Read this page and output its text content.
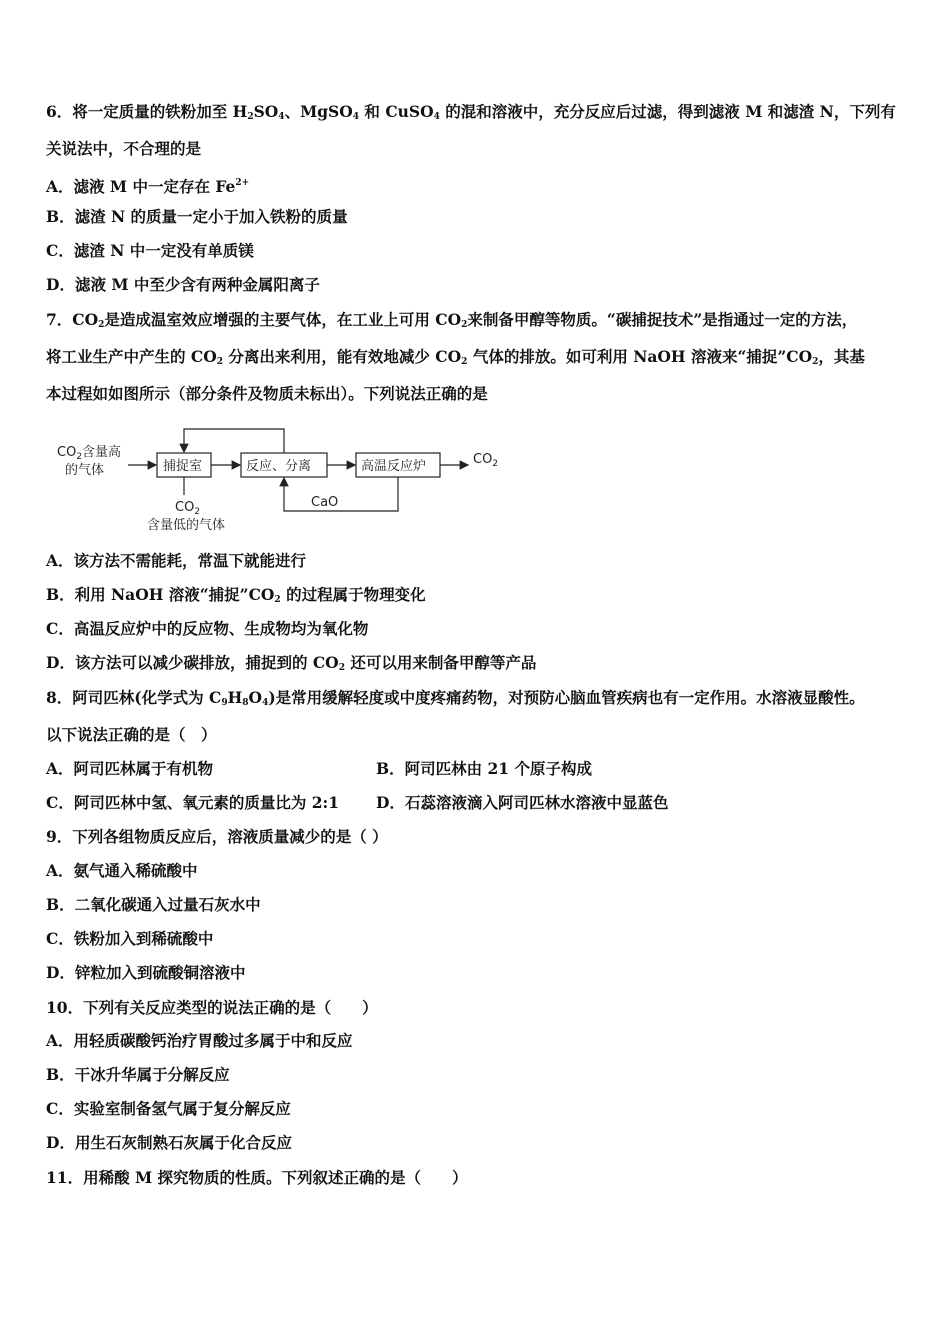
6．将一定质量的铁粉加至 $H_2SO_4$、MgSO$_4$ 和 CuSO$_4$ 的混和溶液中，充分反应后过滤，得到滤液 M 和滤渣 N，下列有
关说法中，不合理的是
A．滤液 M 中一定存在 $Fe^{2+}$
B．滤渣 N 的质量一定小于加入铁粉的质量
C．滤渣 N 中一定没有单质镁
D．滤液 M 中至少含有两种金属阳离子
7．$CO_2$是造成温室效应增强的主要气体，在工业上可用 $CO_2$来制备甲醇等物质。“碳捕捉技术”是指通过一定的方法，
将工业生产中产生的 $CO_2$ 分离出来利用，能有效地减少 $CO_2$ 气体的排放。如可利用 NaOH 溶液来“捕捉$”CO_2$，其基
本过程如如图所示（部分条件及物质未标出）。下列说法正确的是
$CO_2$含量高
的气体	捕捉室	反应、分离	高温反应炉	$CO_2$
CaO
$CO_2$
含量低的气体
A．该方法不需能耗，常温下就能进行
B．利用 NaOH 溶液“捕捉$”CO_2$ 的过程属于物理变化
C．高温反应炉中的反应物、生成物均为氧化物
D．该方法可以减少碳排放，捕捉到的 $CO_2$ 还可以用来制备甲醇等产品
8．阿司匹林(化学式为 $C_9H_8O_4$)是常用缓解轻度或中度疼痛药物，对预防心脑血管疾病也有一定作用。水溶液显酸性。
以下说法正确的是（　）
A．阿司匹林属于有机物	B．阿司匹林由 21 个原子构成
C．阿司匹林中氢、氧元素的质量比为 2:1 D．石蕊溶液滴入阿司匹林水溶液中显蓝色
9．下列各组物质反应后，溶液质量减少的是（ ）
A．氨气通入稀硫酸中
B．二氧化碳通入过量石灰水中
C．铁粉加入到稀硫酸中
D．锌粒加入到硫酸铜溶液中
10．下列有关反应类型的说法正确的是（　　）
A．用轻质碳酸钙治疗胃酸过多属于中和反应
B．干冰升华属于分解反应
C．实验室制备氢气属于复分解反应
D．用生石灰制熟石灰属于化合反应
11．用稀酸 M 探究物质的性质。下列叙述正确的是（　　）
